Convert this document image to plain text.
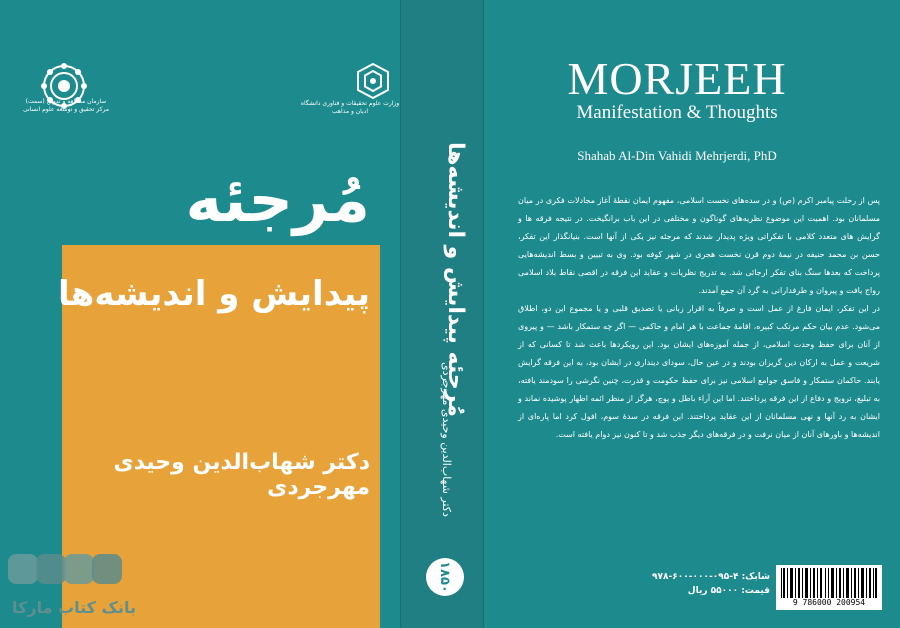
سازمان مطالعه و تدوین (سمت) مرکز تحقیق و توسعه علوم انسانی
وزارت علوم تحقیقات و فناوری دانشگاه ادیان و مذاهب
مُرجئه
پیدایش و اندیشه‌ها
دکتر شهاب‌الدین وحیدی مهرجردی
بانک کتاب مارکا
مُرجئه پیدایش و اندیشه‌ها
دکتر شهاب‌الدین وحیدی مهرجردی
۱۸۵۰
MORJEEH
Manifestation & Thoughts
Shahab Al-Din Vahidi Mehrjerdi, PhD

پس از رحلت پیامبر اکرم (ص) و در سده‌های نخست اسلامی، مفهوم ایمان نقطهٔ آغاز مجادلات فکری در میان مسلمانان بود. اهمیت این موضوع نظریه‌های گوناگون و مختلفی در این باب برانگیخت. در نتیجه فرقه ها و گرایش های متعدد کلامی با تفکراتی ویژه پدیدار شدند که مرجئه نیز یکی از آنها است. بنیانگذار این تفکر، حسن بن محمد حنیفه در نیمهٔ دوم قرن نخست هجری در شهر کوفه بود. وی به تبیین و بسط اندیشه‌هایی پرداخت که بعدها سنگ بنای تفکر ارجائی شد. به تدریج نظریات و عقاید این فرقه در اقصی نقاط بلاد اسلامی رواج یافت و پیروان و طرفدارانی به گرد آن جمع آمدند.

در این تفکر، ایمان فارغ از عمل است و صرفاً به اقرار زبانی یا تصدیق قلبی و یا مجموع این دو، اطلاق می‌شود. عدم بیان حکم مرتکب کبیره، اقامهٔ جماعت با هر امام و حاکمی — اگر چه ستمکار باشد — و پیروی از آنان برای حفظ وحدت اسلامی، از جمله آموزه‌های ایشان بود. این رویکردها باعث شد تا کسانی که از شریعت و عمل به ارکان دین گریزان بودند و در عین حال، سودای دینداری در ایشان بود، به این فرقه گرایش یابند. حاکمان ستمکار و فاسق جوامع اسلامی نیز برای حفظ حکومت و قدرت، چنین نگرشی را سودمند یافته، به تبلیغ، ترویج و دفاع از این فرقه پرداختند. اما این آراء باطل و پوچ، هرگز از منظر ائمه اطهار پوشیده نماند و ایشان به رد آنها و نهی مسلمانان از این عقاید پرداختند. این فرقه در سدهٔ سوم، افول کرد اما پاره‌ای از اندیشه‌ها و باورهای آنان از میان نرفت و در فرقه‌های دیگر جذب شد و تا کنون نیز دوام یافته است.

شابک: ۴-۰۹۵-۰۰۰-۶۰۰-۹۷۸
قیمت: ۵۵۰۰۰ ریال
9 786000 200954
